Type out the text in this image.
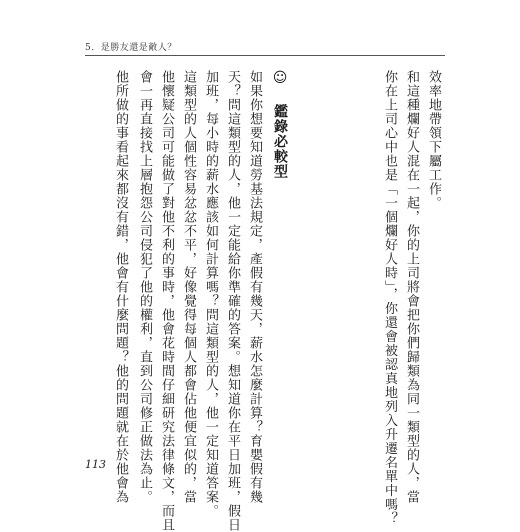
5．是勝友還是敵人？
效率地帶領下屬工作。
和這種爛好人混在一起，你的上司將會把你們歸類為同一類型的人，當
你在上司心中也是「一個爛好人時」，你還會被認真地列入升遷名單中嗎？
☺ 鑑錄必較型
如果你想要知道勞基法規定，產假有幾天，薪水怎麼計算？育嬰假有幾
天？問這類型的人，他一定能給你準確的答案。想知道你在平日加班，假日
加班，每小時的薪水應該如何計算嗎？問這類型的人，他一定知道答案。
這類型的人個性容易忿忿不平，好像覺得每個人都會佔他便宜似的，當
他懷疑公司可能做了對他不利的事時，他會花時間仔細研究法律條文，而且
會一再直接找上層抱怨公司侵犯了他的權利，直到公司修正做法為止。
他所做的事看起來都沒有錯，他會有什麼問題？他的問題就在於他會為
113
